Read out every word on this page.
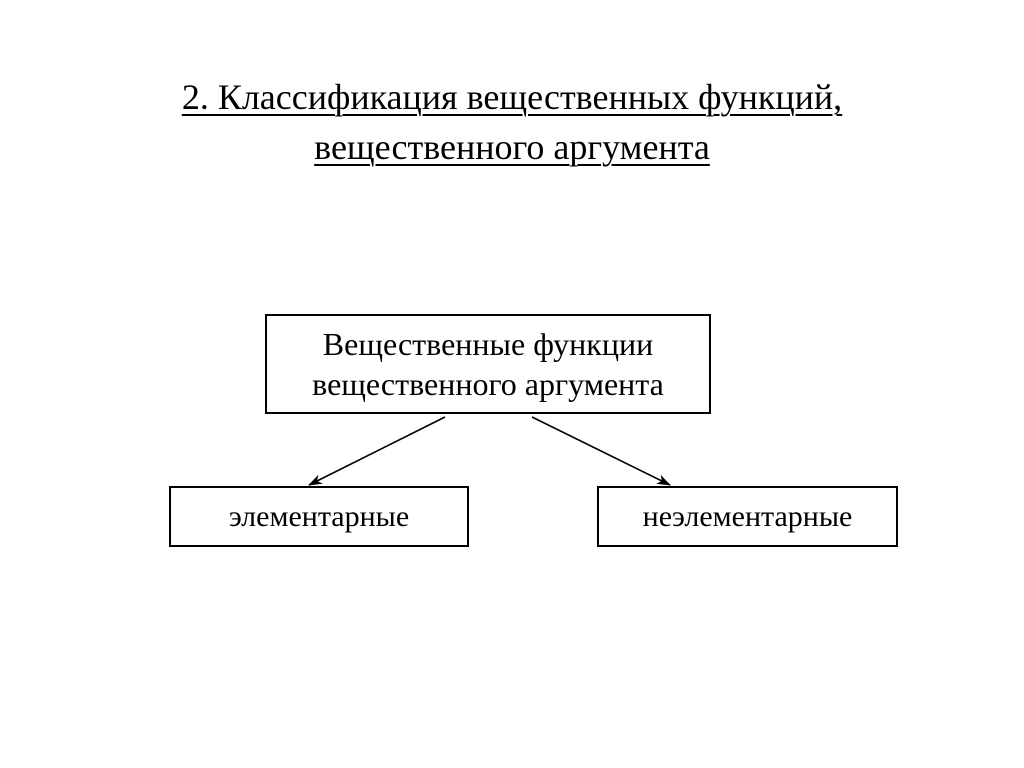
2. Классификация вещественных функций,
вещественного аргумента
Вещественные функции
вещественного аргумента
элементарные	неэлементарные
